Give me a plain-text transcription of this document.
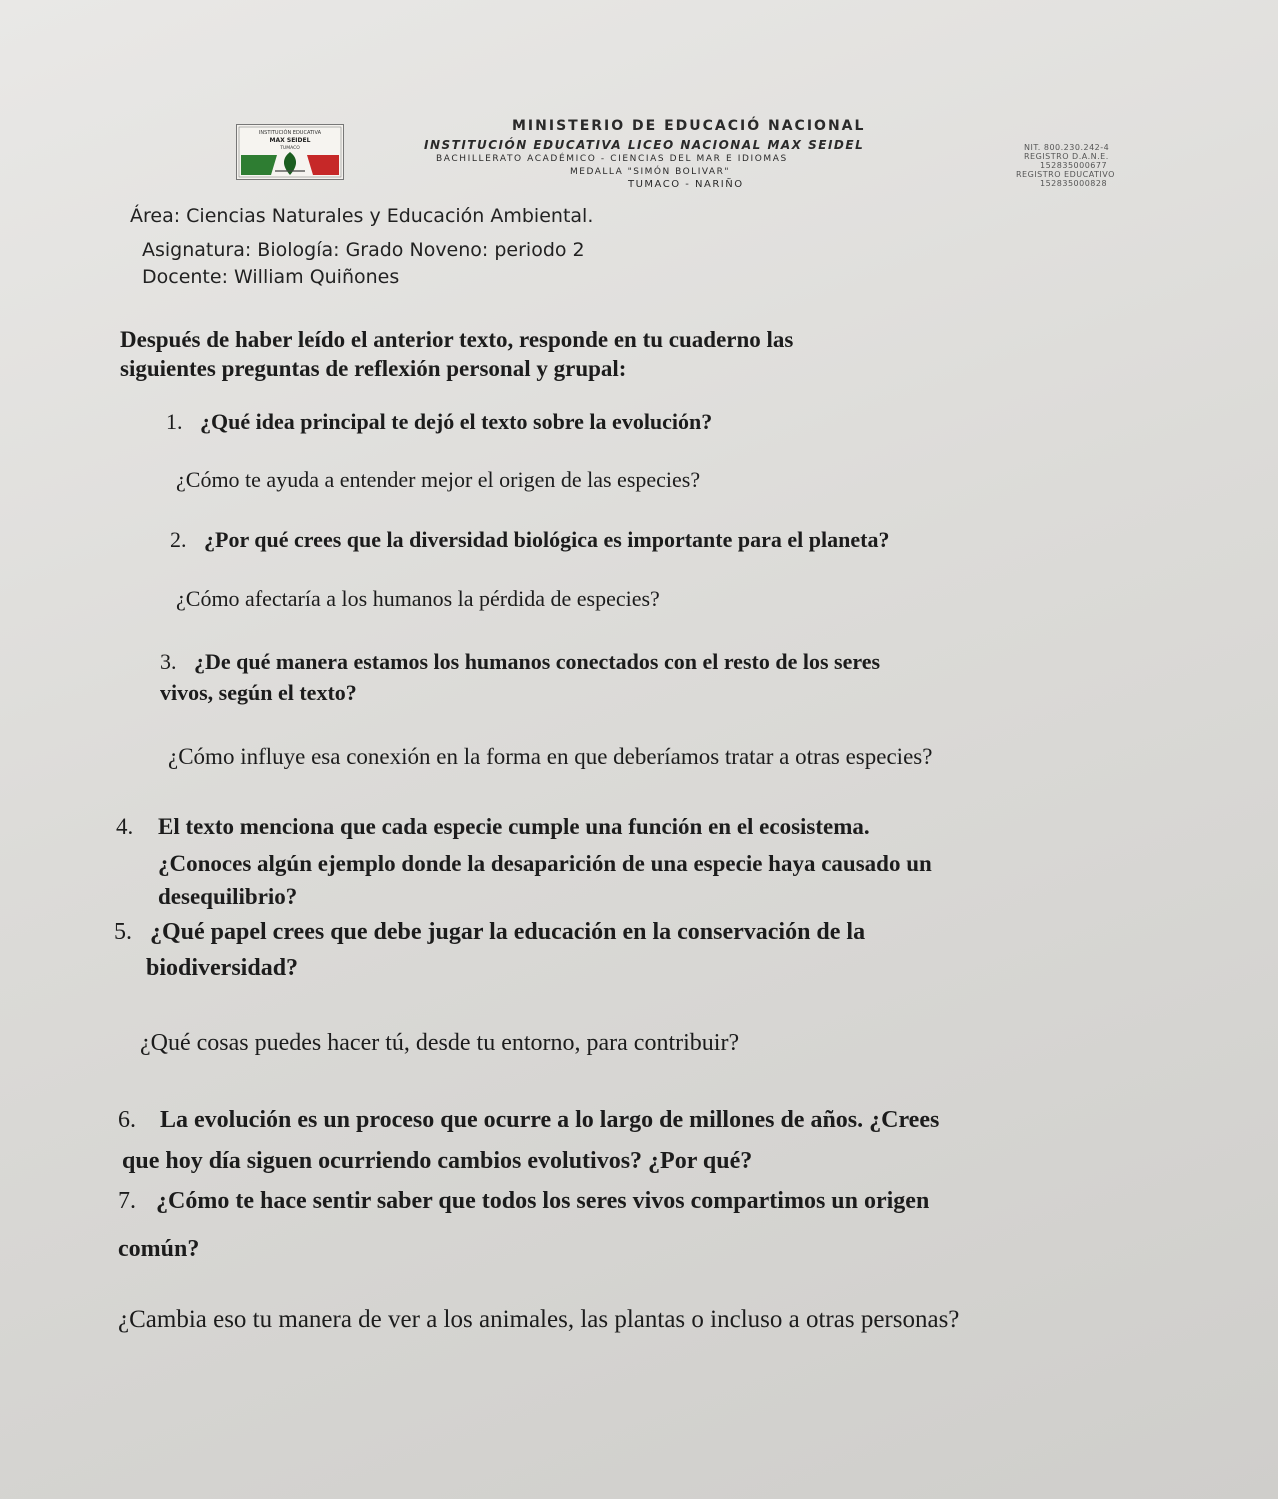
INSTITUCIÓN EDUCATIVA
MAX SEIDEL
TUMACO
MINISTERIO DE EDUCACIÓ NACIONAL
INSTITUCIÓN EDUCATIVA LICEO NACIONAL MAX SEIDEL
BACHILLERATO ACADÉMICO - CIENCIAS DEL MAR E IDIOMAS
MEDALLA "SIMÓN BOLIVAR"
TUMACO - NARIÑO
NIT. 800.230.242-4
REGISTRO D.A.N.E.
152835000677
REGISTRO EDUCATIVO
152835000828
Área: Ciencias Naturales y Educación Ambiental.
Asignatura: Biología: Grado Noveno: periodo 2
Docente: William Quiñones
Después de haber leído el anterior texto, responde en tu cuaderno las
siguientes preguntas de reflexión personal y grupal:
1. ¿Qué idea principal te dejó el texto sobre la evolución?
¿Cómo te ayuda a entender mejor el origen de las especies?
2. ¿Por qué crees que la diversidad biológica es importante para el planeta?
¿Cómo afectaría a los humanos la pérdida de especies?
3. ¿De qué manera estamos los humanos conectados con el resto de los seres
vivos, según el texto?
¿Cómo influye esa conexión en la forma en que deberíamos tratar a otras especies?
4. El texto menciona que cada especie cumple una función en el ecosistema.
¿Conoces algún ejemplo donde la desaparición de una especie haya causado un
desequilibrio?
5. ¿Qué papel crees que debe jugar la educación en la conservación de la
biodiversidad?
¿Qué cosas puedes hacer tú, desde tu entorno, para contribuir?
6. La evolución es un proceso que ocurre a lo largo de millones de años. ¿Crees
que hoy día siguen ocurriendo cambios evolutivos? ¿Por qué?
7. ¿Cómo te hace sentir saber que todos los seres vivos compartimos un origen
común?
¿Cambia eso tu manera de ver a los animales, las plantas o incluso a otras personas?
